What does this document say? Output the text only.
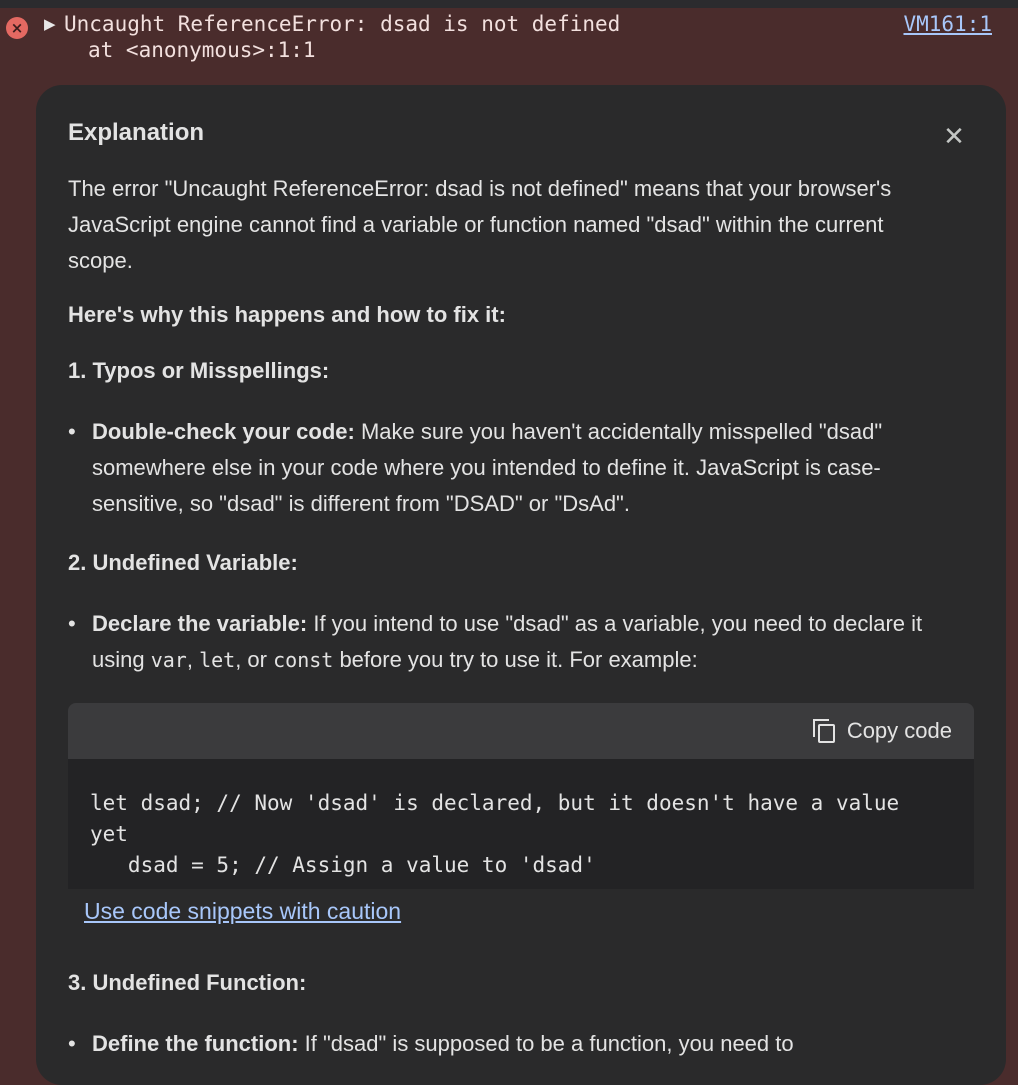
×	▶ Uncaught ReferenceError: dsad is not defined
at <anonymous>:1:1
VM161:1
Explanation	✕
The error "Uncaught ReferenceError: dsad is not defined" means that your browser's JavaScript engine cannot find a variable or function named "dsad" within the current scope.
Here's why this happens and how to fix it:
1. Typos or Misspellings:
• Double-check your code: Make sure you haven't accidentally misspelled "dsad" somewhere else in your code where you intended to define it. JavaScript is case-sensitive, so "dsad" is different from "DSAD" or "DsAd".
2. Undefined Variable:
• Declare the variable: If you intend to use "dsad" as a variable, you need to declare it using var, let, or const before you try to use it. For example:
Copy code
let dsad; // Now 'dsad' is declared, but it doesn't have a value
yet
dsad = 5; // Assign a value to 'dsad'
Use code snippets with caution
3. Undefined Function:
• Define the function: If "dsad" is supposed to be a function, you need to
